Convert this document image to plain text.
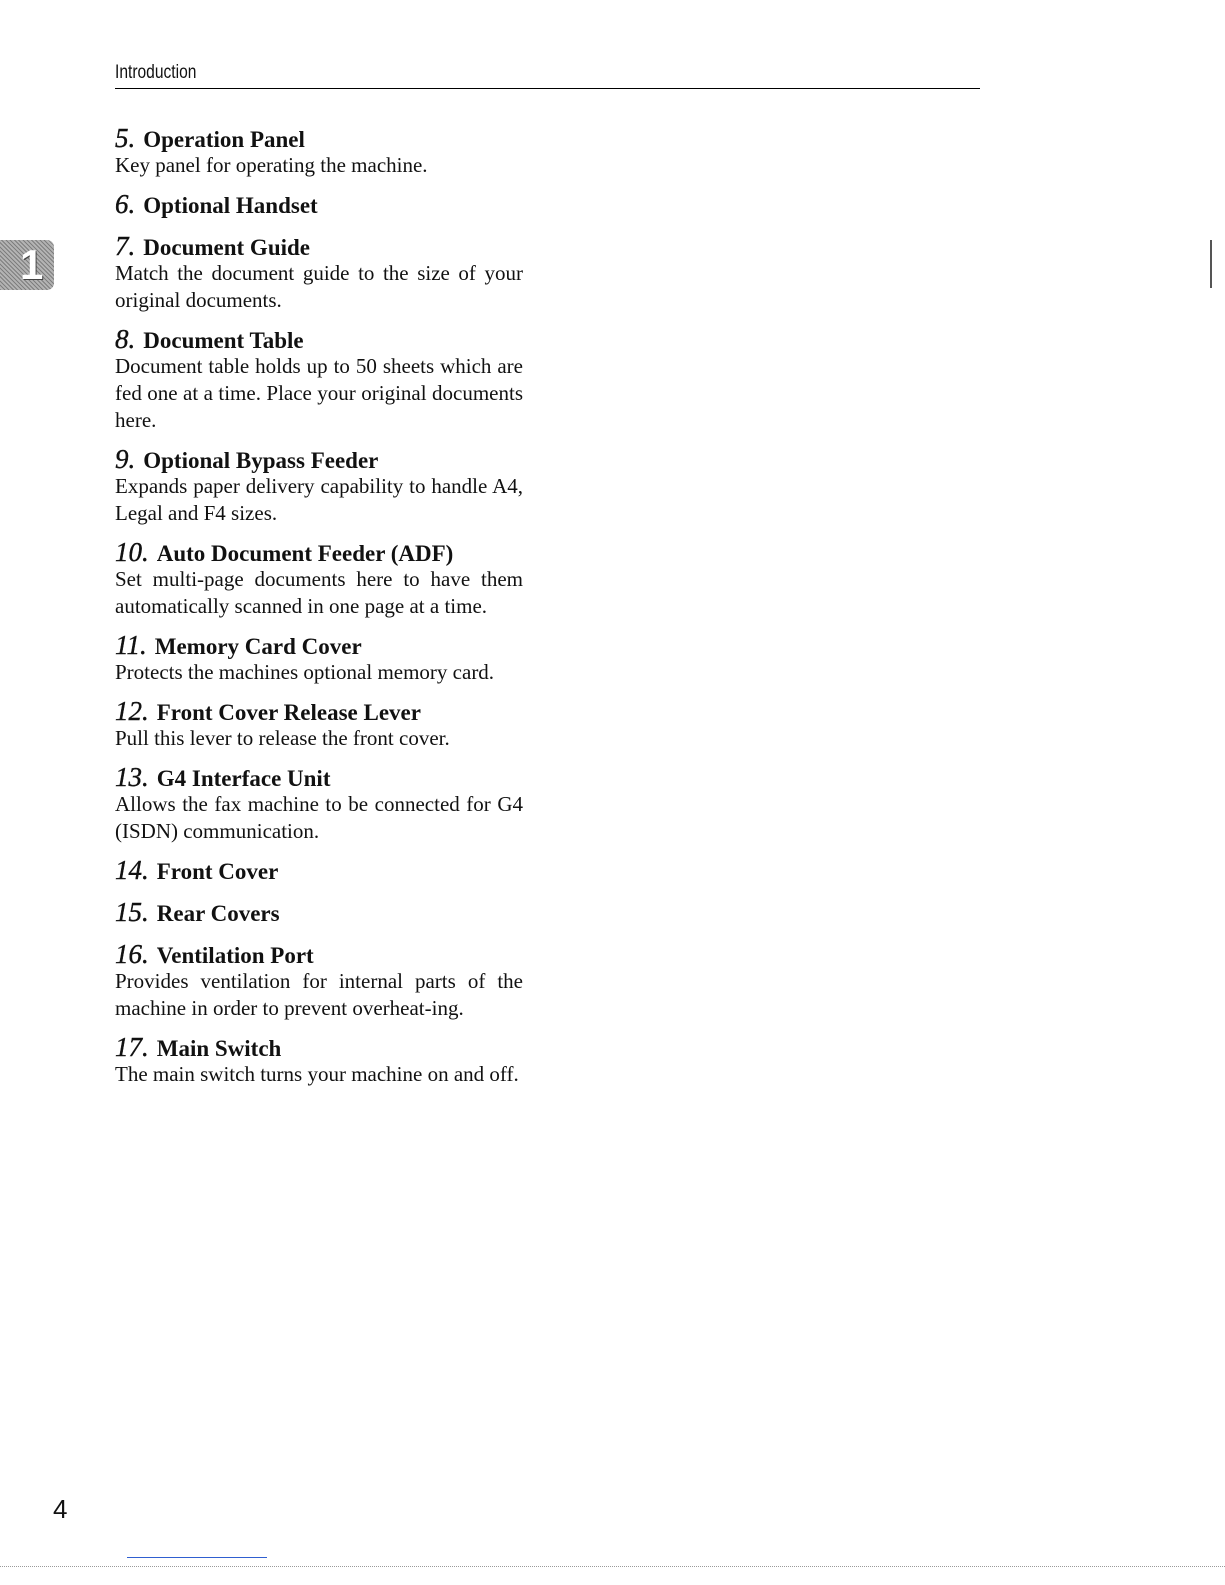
Introduction
1
5. Operation Panel

Key panel for operating the machine.

6. Optional Handset
7. Document Guide

Match the document guide to the size of your original documents.

8. Document Table

Document table holds up to 50 sheets which are fed one at a time. Place your original documents here.

9. Optional Bypass Feeder

Expands paper delivery capability to handle A4, Legal and F4 sizes.

10. Auto Document Feeder (ADF)

Set multi-page documents here to have them automatically scanned in one page at a time.

11. Memory Card Cover

Protects the machines optional memory card.

12. Front Cover Release Lever

Pull this lever to release the front cover.

13. G4 Interface Unit

Allows the fax machine to be connected for G4 (ISDN) communication.

14. Front Cover
15. Rear Covers
16. Ventilation Port

Provides ventilation for internal parts of the machine in order to prevent overheat-ing.

17. Main Switch

The main switch turns your machine on and off.

4
